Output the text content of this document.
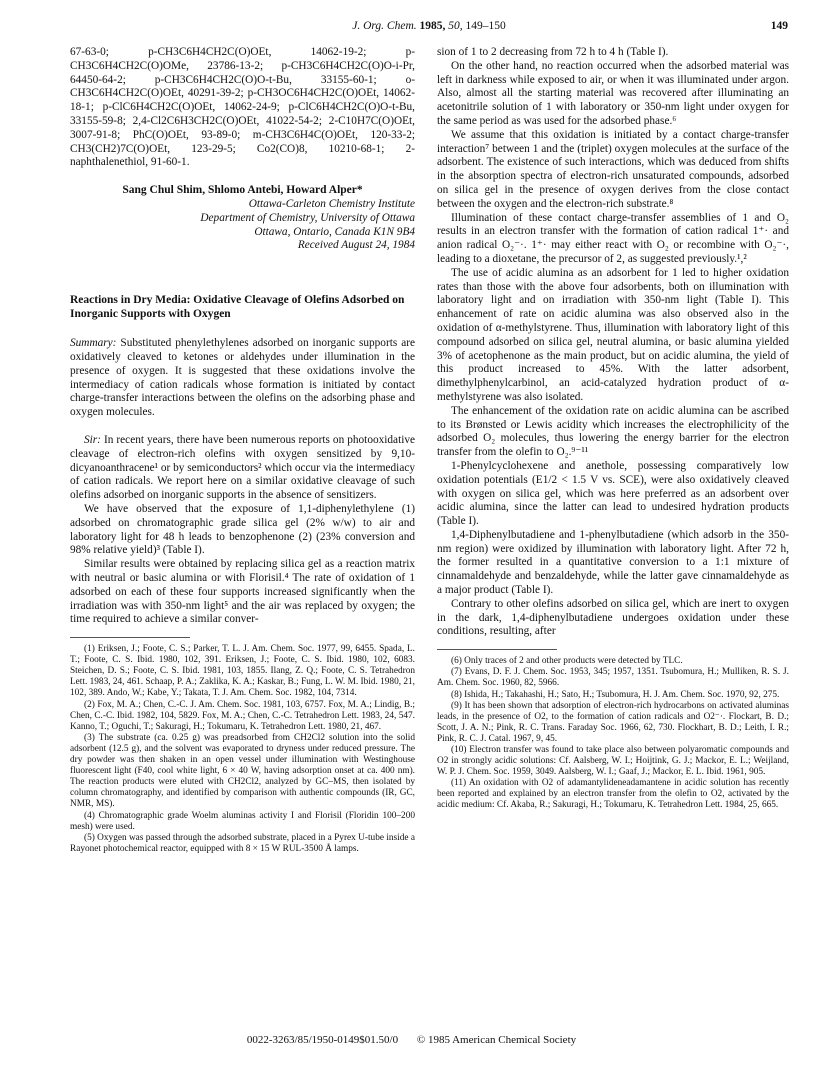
J. Org. Chem. 1985, 50, 149–150	149

67-63-0; p-CH3C6H4CH2C(O)OEt, 14062-19-2; p-CH3C6H4CH2C(O)OMe, 23786-13-2; p-CH3C6H4CH2C(O)O-i-Pr, 64450-64-2; p-CH3C6H4CH2C(O)O-t-Bu, 33155-60-1; o-CH3C6H4CH2C(O)OEt, 40291-39-2; p-CH3OC6H4CH2C(O)OEt, 14062-18-1; p-ClC6H4CH2C(O)OEt, 14062-24-9; p-ClC6H4CH2C(O)O-t-Bu, 33155-59-8; 2,4-Cl2C6H3CH2C(O)OEt, 41022-54-2; 2-C10H7C(O)OEt, 3007-91-8; PhC(O)OEt, 93-89-0; m-CH3C6H4C(O)OEt, 120-33-2; CH3(CH2)7C(O)OEt, 123-29-5; Co2(CO)8, 10210-68-1; 2-naphthalenethiol, 91-60-1.

Sang Chul Shim, Shlomo Antebi, Howard Alper*
Ottawa-Carleton Chemistry Institute
Department of Chemistry, University of Ottawa
Ottawa, Ontario, Canada K1N 9B4
Received August 24, 1984
Reactions in Dry Media: Oxidative Cleavage of Olefins Adsorbed on Inorganic Supports with Oxygen

Summary: Substituted phenylethylenes adsorbed on inorganic supports are oxidatively cleaved to ketones or aldehydes under illumination in the presence of oxygen. It is suggested that these oxidations involve the intermediacy of cation radicals whose formation is initiated by contact charge-transfer interactions between the olefins on the adsorbing phase and oxygen molecules.

Sir: In recent years, there have been numerous reports on photooxidative cleavage of electron-rich olefins with oxygen sensitized by 9,10-dicyanoanthracene¹ or by semiconductors² which occur via the intermediacy of cation radicals. We report here on a similar oxidative cleavage of such olefins adsorbed on inorganic supports in the absence of sensitizers.

We have observed that the exposure of 1,1-diphenylethylene (1) adsorbed on chromatographic grade silica gel (2% w/w) to air and laboratory light for 48 h leads to benzophenone (2) (23% conversion and 98% relative yield)³ (Table I).

Similar results were obtained by replacing silica gel as a reaction matrix with neutral or basic alumina or with Florisil.⁴ The rate of oxidation of 1 adsorbed on each of these four supports increased significantly when the irradiation was with 350-nm light⁵ and the air was replaced by oxygen; the time required to achieve a similar conver-

(1) Eriksen, J.; Foote, C. S.; Parker, T. L. J. Am. Chem. Soc. 1977, 99, 6455. Spada, L. T.; Foote, C. S. Ibid. 1980, 102, 391. Eriksen, J.; Foote, C. S. Ibid. 1980, 102, 6083. Steichen, D. S.; Foote, C. S. Ibid. 1981, 103, 1855. Ilang, Z. Q.; Foote, C. S. Tetrahedron Lett. 1983, 24, 461. Schaap, P. A.; Zaklika, K. A.; Kaskar, B.; Fung, L. W. M. Ibid. 1980, 21, 102, 389. Ando, W.; Kabe, Y.; Takata, T. J. Am. Chem. Soc. 1982, 104, 7314.

(2) Fox, M. A.; Chen, C.-C. J. Am. Chem. Soc. 1981, 103, 6757. Fox, M. A.; Lindig, B.; Chen, C.-C. Ibid. 1982, 104, 5829. Fox, M. A.; Chen, C.-C. Tetrahedron Lett. 1983, 24, 547. Kanno, T.; Oguchi, T.; Sakuragi, H.; Tokumaru, K. Tetrahedron Lett. 1980, 21, 467.

(3) The substrate (ca. 0.25 g) was preadsorbed from CH2Cl2 solution into the solid adsorbent (12.5 g), and the solvent was evaporated to dryness under reduced pressure. The dry powder was then shaken in an open vessel under illumination with Westinghouse fluorescent light (F40, cool white light, 6 × 40 W, having adsorption onset at ca. 400 nm). The reaction products were eluted with CH2Cl2, analyzed by GC–MS, then isolated by column chromatography, and identified by comparison with authentic compounds (IR, GC, NMR, MS).

(4) Chromatographic grade Woelm aluminas activity I and Florisil (Floridin 100–200 mesh) were used.

(5) Oxygen was passed through the adsorbed substrate, placed in a Pyrex U-tube inside a Rayonet photochemical reactor, equipped with 8 × 15 W RUL-3500 Å lamps.

sion of 1 to 2 decreasing from 72 h to 4 h (Table I).

On the other hand, no reaction occurred when the adsorbed material was left in darkness while exposed to air, or when it was illuminated under argon. Also, almost all the starting material was recovered after illuminating an acetonitrile solution of 1 with laboratory or 350-nm light under oxygen for the same period as was used for the adsorbed phase.⁶

We assume that this oxidation is initiated by a contact charge-transfer interaction⁷ between 1 and the (triplet) oxygen molecules at the surface of the adsorbent. The existence of such interactions, which was deduced from shifts in the absorption spectra of electron-rich unsaturated compounds, adsorbed on silica gel in the presence of oxygen derives from the close contact between the oxygen and the electron-rich substrate.⁸

Illumination of these contact charge-transfer assemblies of 1 and O₂ results in an electron transfer with the formation of cation radical 1⁺· and anion radical O₂⁻·. 1⁺· may either react with O₂ or recombine with O₂⁻·, leading to a dioxetane, the precursor of 2, as suggested previously.¹,²

The use of acidic alumina as an adsorbent for 1 led to higher oxidation rates than those with the above four adsorbents, both on illumination with laboratory light and on irradiation with 350-nm light (Table I). This enhancement of rate on acidic alumina was also observed also in the oxidation of α-methylstyrene. Thus, illumination with laboratory light of this compound adsorbed on silica gel, neutral alumina, or basic alumina yielded 3% of acetophenone as the main product, but on acidic alumina, the yield of this product increased to 45%. With the latter adsorbent, dimethylphenylcarbinol, an acid-catalyzed hydration product of α-methylstyrene was also isolated.

The enhancement of the oxidation rate on acidic alumina can be ascribed to its Brønsted or Lewis acidity which increases the electrophilicity of the adsorbed O₂ molecules, thus lowering the energy barrier for the electron transfer from the olefin to O₂.⁹⁻¹¹

1-Phenylcyclohexene and anethole, possessing comparatively low oxidation potentials (E1/2 < 1.5 V vs. SCE), were also oxidatively cleaved with oxygen on silica gel, which was here preferred as an adsorbent over acidic alumina, since the latter can lead to undesired hydration products (Table I).

1,4-Diphenylbutadiene and 1-phenylbutadiene (which adsorb in the 350-nm region) were oxidized by illumination with laboratory light. After 72 h, the former resulted in a quantitative conversion to a 1:1 mixture of cinnamaldehyde and benzaldehyde, while the latter gave cinnamaldehyde as a major product (Table I).

Contrary to other olefins adsorbed on silica gel, which are inert to oxygen in the dark, 1,4-diphenylbutadiene undergoes oxidation under these conditions, resulting, after

(6) Only traces of 2 and other products were detected by TLC.

(7) Evans, D. F. J. Chem. Soc. 1953, 345; 1957, 1351. Tsubomura, H.; Mulliken, R. S. J. Am. Chem. Soc. 1960, 82, 5966.

(8) Ishida, H.; Takahashi, H.; Sato, H.; Tsubomura, H. J. Am. Chem. Soc. 1970, 92, 275.

(9) It has been shown that adsorption of electron-rich hydrocarbons on activated aluminas leads, in the presence of O2, to the formation of cation radicals and O2⁻·. Flockart, B. D.; Scott, J. A. N.; Pink, R. C. Trans. Faraday Soc. 1966, 62, 730. Flockhart, B. D.; Leith, I. R.; Pink, R. C. J. Catal. 1967, 9, 45.

(10) Electron transfer was found to take place also between polyaromatic compounds and O2 in strongly acidic solutions: Cf. Aalsberg, W. I.; Hoijtink, G. J.; Mackor, E. L.; Weijland, W. P. J. Chem. Soc. 1959, 3049. Aalsberg, W. I.; Gaaf, J.; Mackor, E. L. Ibid. 1961, 905.

(11) An oxidation with O2 of adamantylideneadamantene in acidic solution has recently been reported and explained by an electron transfer from the olefin to O2, activated by the acidic medium: Cf. Akaba, R.; Sakuragi, H.; Tokumaru, K. Tetrahedron Lett. 1984, 25, 665.

0022-3263/85/1950-0149$01.50/0 © 1985 American Chemical Society
